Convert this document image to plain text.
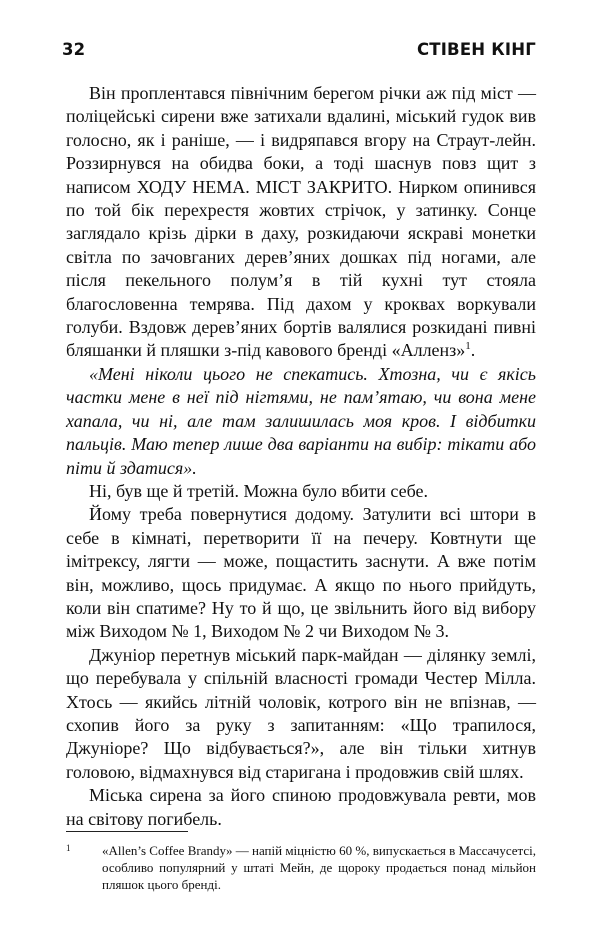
32	СТІВЕН КІНГ

Він проплентався північним берегом річки аж під міст — поліцейські сирени вже затихали вдалині, міський гудок вив голосно, як і раніше, — і видряпався вгору на Страут-лейн. Роззирнувся на обидва боки, а тоді шаснув повз щит з написом ХОДУ НЕМА. МІСТ ЗАКРИТО. Нирком опинився по той бік перехрестя жовтих стрічок, у затинку. Сонце заглядало крізь дірки в даху, розкидаючи яскраві монетки світла по зачовганих дерев’яних дошках під ногами, але після пекельного полум’я в тій кухні тут стояла благословенна темрява. Під дахом у кроквах воркували голуби. Вздовж дерев’яних бортів валялися розкидані пивні бляшанки й пляшки з-під кавового бренді «Алленз»$^1$.

«Мені ніколи цього не спекатись. Хтозна, чи є якісь частки мене в неї під нігтями, не пам’ятаю, чи вона мене хапала, чи ні, але там залишилась моя кров. І відбитки пальців. Маю тепер лише два варіанти на вибір: тікати або піти й здатися».

Ні, був ще й третій. Можна було вбити себе.

Йому треба повернутися додому. Затулити всі штори в себе в кімнаті, перетворити її на печеру. Ковтнути ще імітрексу, лягти — може, пощастить заснути. А вже потім він, можливо, щось придумає. А якщо по нього прийдуть, коли він спатиме? Ну то й що, це звільнить його від вибору між Виходом № 1, Виходом № 2 чи Виходом № 3.

Джуніор перетнув міський парк-майдан — ділянку землі, що перебувала у спільній власності громади Честер Мілла. Хтось — якийсь літній чоловік, котрого він не впізнав, — схопив його за руку з запитанням: «Що трапилося, Джуніоре? Що відбувається?», але він тільки хитнув головою, відмахнувся від старигана і продовжив свій шлях.

Міська сирена за його спиною продовжувала ревти, мов на світову погибель.

1	«Allen’s Coffee Brandy» — напій міцністю 60 %, випускається в Массачусетсі, особливо популярний у штаті Мейн, де щороку продається понад мільйон пляшок цього бренді.
